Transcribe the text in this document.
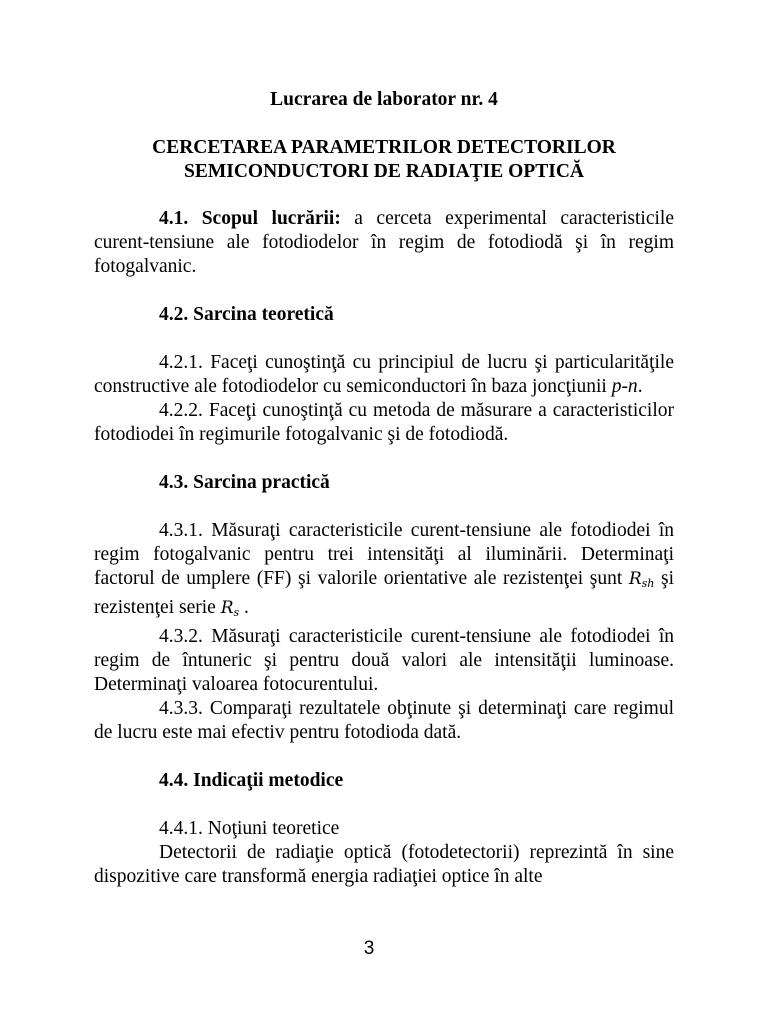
Lucrarea de laborator nr. 4
CERCETAREA PARAMETRILOR DETECTORILOR
SEMICONDUCTORI DE RADIAŢIE OPTICĂ

4.1. Scopul lucrării: a cerceta experimental caracteristicile curent-tensiune ale fotodiodelor în regim de fotodiodă şi în regim fotogalvanic.

4.2. Sarcina teoretică

4.2.1. Faceţi cunoştinţă cu principiul de lucru şi particularităţile constructive ale fotodiodelor cu semiconductori în baza joncţiunii p-n.

4.2.2. Faceţi cunoştinţă cu metoda de măsurare a caracteristicilor fotodiodei în regimurile fotogalvanic şi de fotodiodă.

4.3. Sarcina practică

4.3.1. Măsuraţi caracteristicile curent-tensiune ale fotodiodei în regim fotogalvanic pentru trei intensităţi al iluminării. Determinaţi factorul de umplere (FF) şi valorile orientative ale rezistenţei şunt $R_{sh}$ şi rezistenţei serie $R_s$ .

4.3.2. Măsuraţi caracteristicile curent-tensiune ale fotodiodei în regim de întuneric şi pentru două valori ale intensităţii luminoase. Determinaţi valoarea fotocurentului.

4.3.3. Comparaţi rezultatele obţinute şi determinaţi care regimul de lucru este mai efectiv pentru fotodioda dată.

4.4. Indicaţii metodice

4.4.1. Noţiuni teoretice

Detectorii de radiaţie optică (fotodetectorii) reprezintă în sine dispozitive care transformă energia radiaţiei optice în alte

3
